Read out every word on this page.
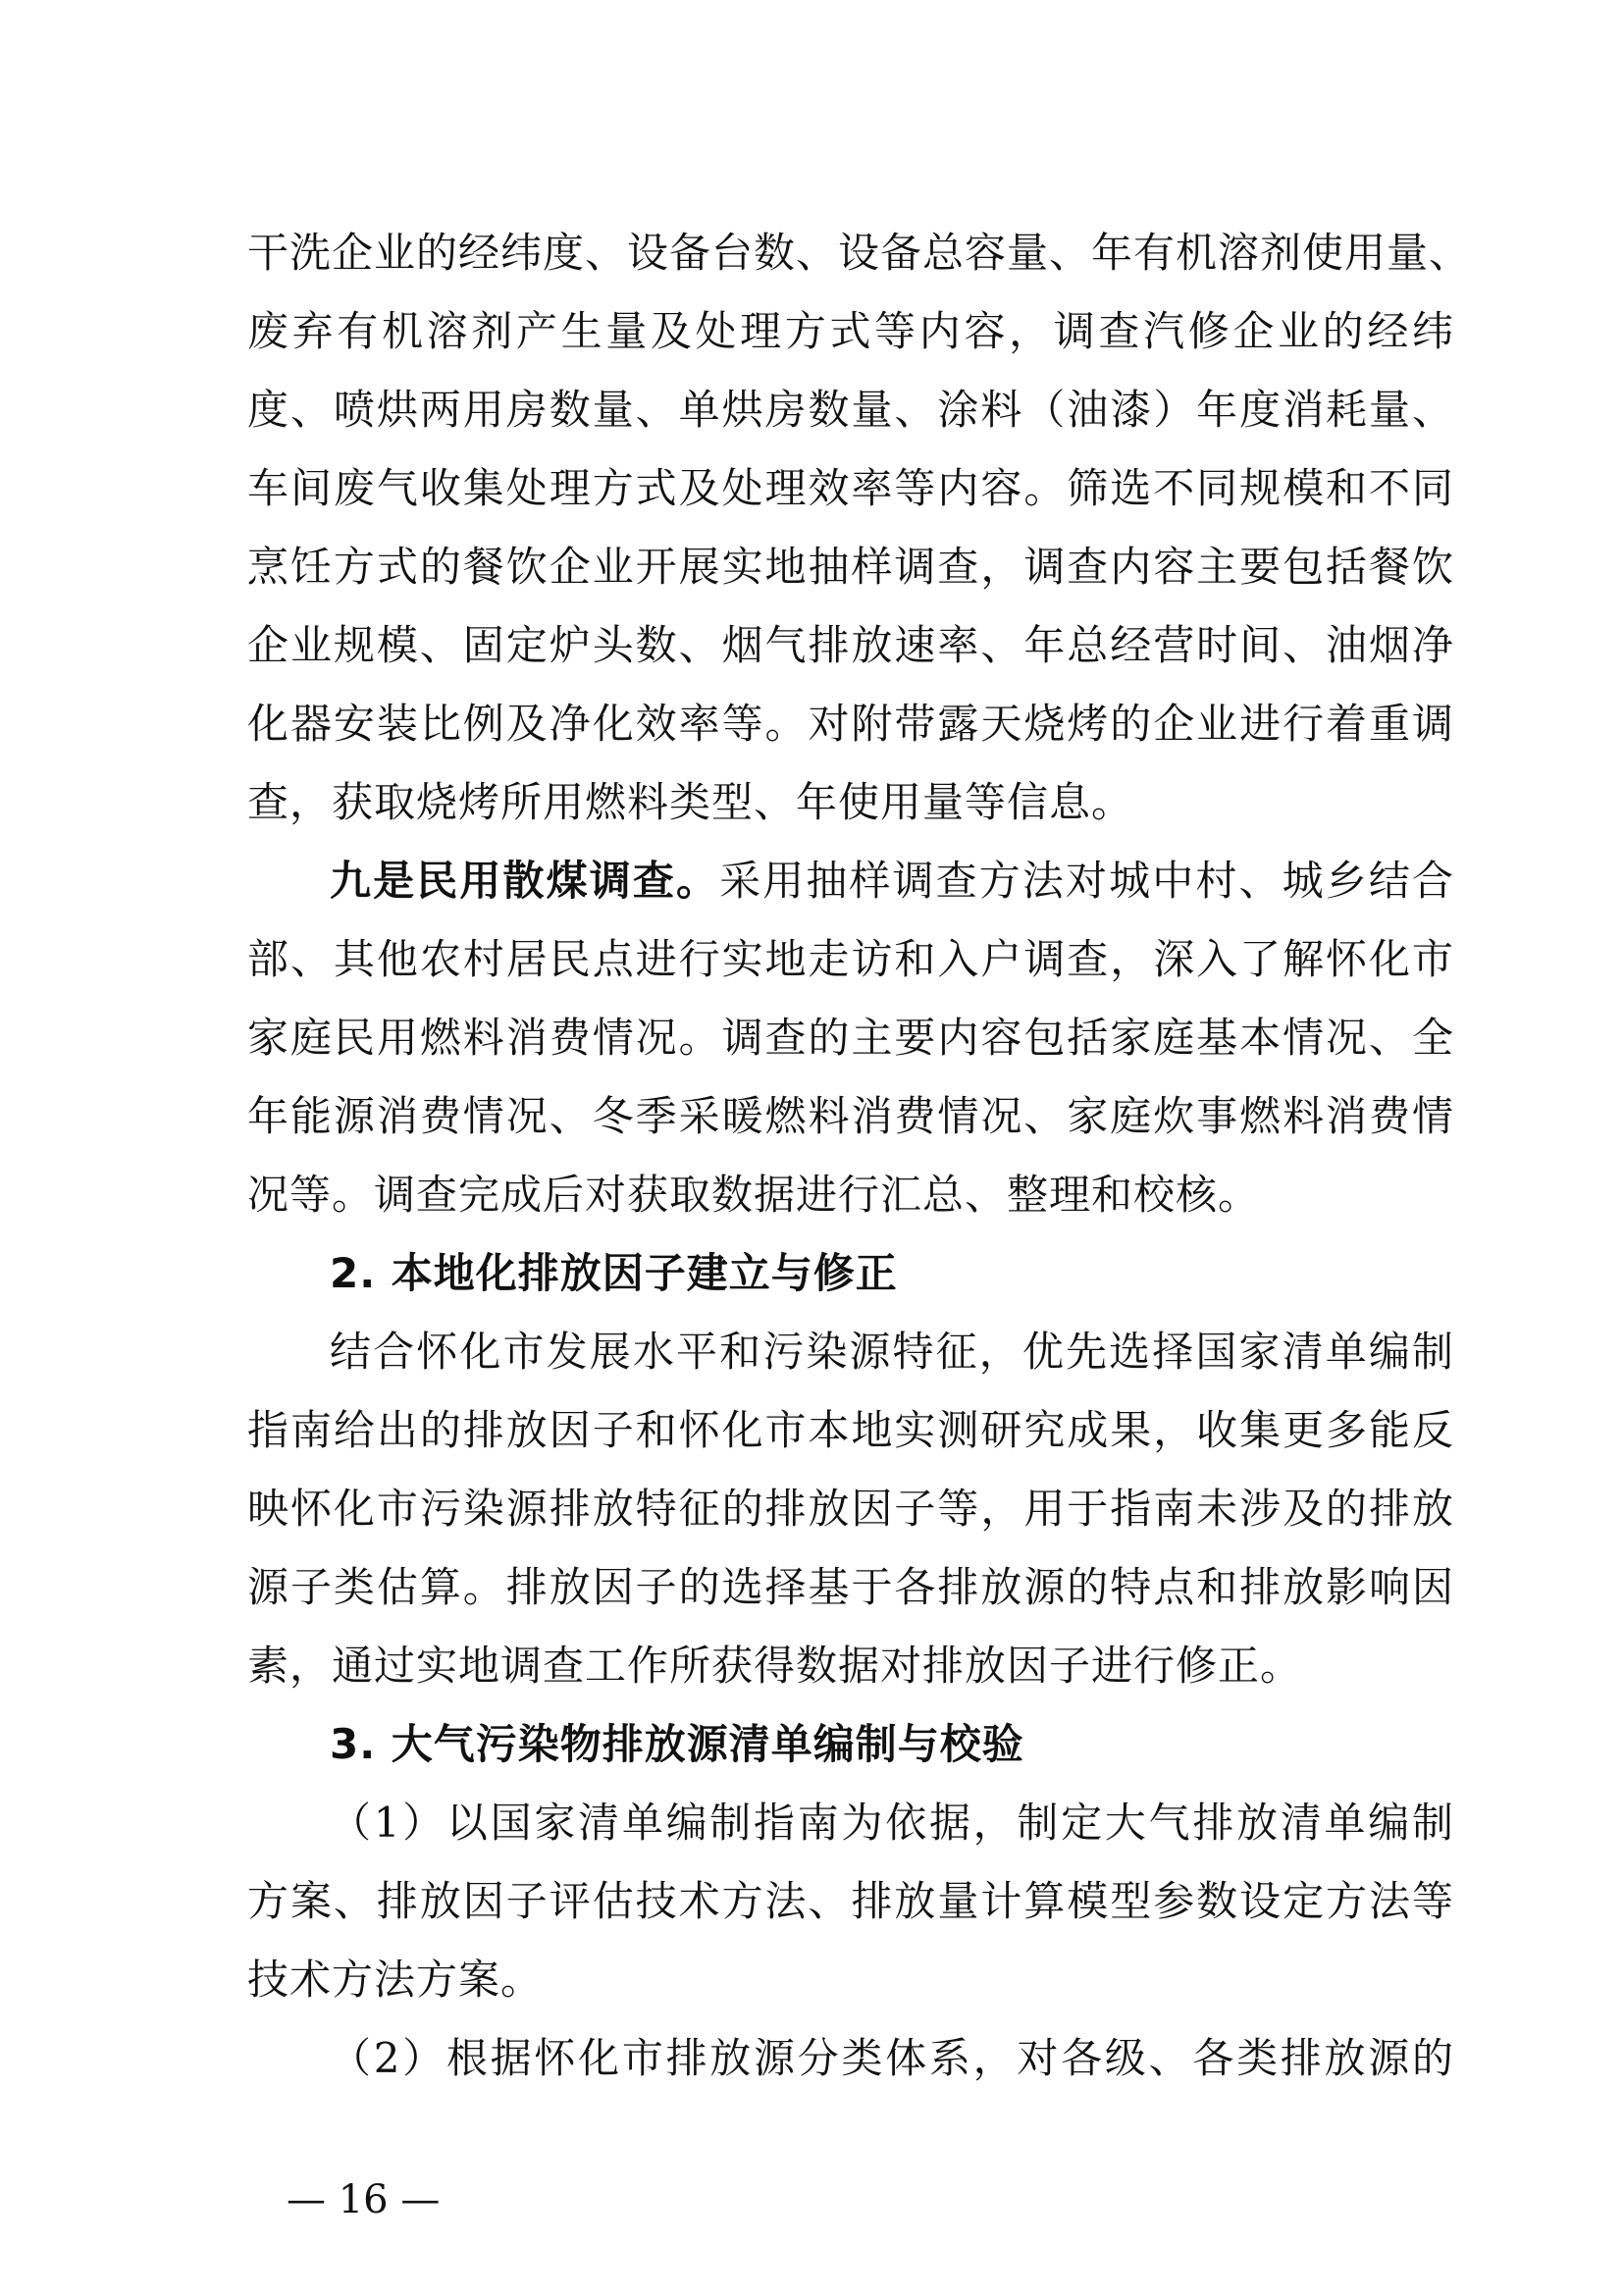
干洗企业的经纬度、设备台数、设备总容量、年有机溶剂使用量、
废弃有机溶剂产生量及处理方式等内容，调查汽修企业的经纬
度、喷烘两用房数量、单烘房数量、涂料（油漆）年度消耗量、
车间废气收集处理方式及处理效率等内容。筛选不同规模和不同
烹饪方式的餐饮企业开展实地抽样调查，调查内容主要包括餐饮
企业规模、固定炉头数、烟气排放速率、年总经营时间、油烟净
化器安装比例及净化效率等。对附带露天烧烤的企业进行着重调
查，获取烧烤所用燃料类型、年使用量等信息。
九是民用散煤调查。采用抽样调查方法对城中村、城乡结合
部、其他农村居民点进行实地走访和入户调查，深入了解怀化市
家庭民用燃料消费情况。调查的主要内容包括家庭基本情况、全
年能源消费情况、冬季采暖燃料消费情况、家庭炊事燃料消费情
况等。调查完成后对获取数据进行汇总、整理和校核。
2. 本地化排放因子建立与修正
结合怀化市发展水平和污染源特征，优先选择国家清单编制
指南给出的排放因子和怀化市本地实测研究成果，收集更多能反
映怀化市污染源排放特征的排放因子等，用于指南未涉及的排放
源子类估算。排放因子的选择基于各排放源的特点和排放影响因
素，通过实地调查工作所获得数据对排放因子进行修正。
3. 大气污染物排放源清单编制与校验
（1）以国家清单编制指南为依据，制定大气排放清单编制
方案、排放因子评估技术方法、排放量计算模型参数设定方法等
技术方法方案。
（2）根据怀化市排放源分类体系，对各级、各类排放源的
— 16 —
